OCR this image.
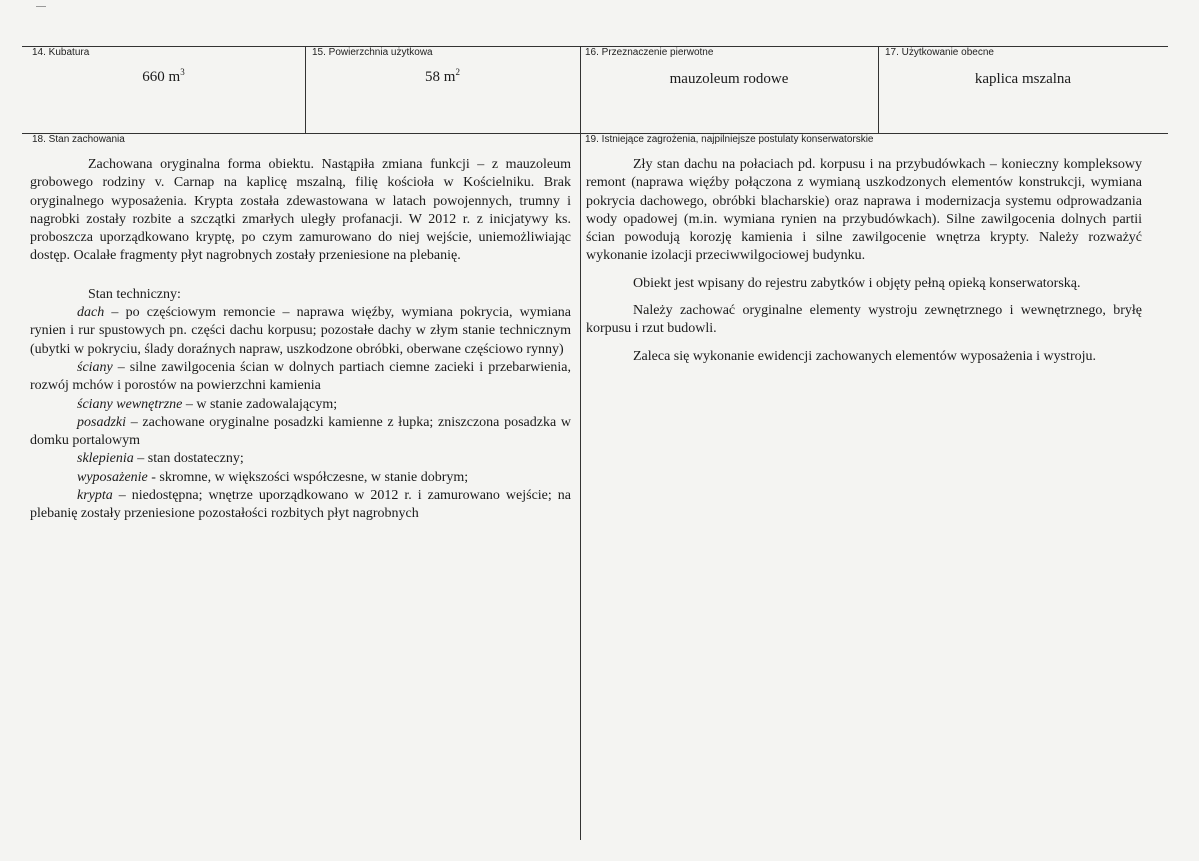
14. Kubatura
660 $m^3$
15. Powierzchnia użytkowa
58 $m^2$
16. Przeznaczenie pierwotne
mauzoleum rodowe
17. Użytkowanie obecne
kaplica mszalna
18. Stan zachowania

Zachowana oryginalna forma obiektu. Nastąpiła zmiana funkcji – z mauzoleum grobowego rodziny v. Carnap na kaplicę mszalną, filię kościoła w Kościelniku. Brak oryginalnego wyposażenia. Krypta została zdewastowana w latach powojennych, trumny i nagrobki zostały rozbite a szczątki zmarłych uległy profanacji. W 2012 r. z inicjatywy ks. proboszcza uporządkowano kryptę, po czym zamurowano do niej wejście, uniemożliwiając dostęp. Ocalałe fragmenty płyt nagrobnych zostały przeniesione na plebanię.

Stan techniczny:

dach – po częściowym remoncie – naprawa więźby, wymiana pokrycia, wymiana rynien i rur spustowych pn. części dachu korpusu; pozostałe dachy w złym stanie technicznym (ubytki w pokryciu, ślady doraźnych napraw, uszkodzone obróbki, oberwane częściowo rynny)

ściany – silne zawilgocenia ścian w dolnych partiach ciemne zacieki i przebarwienia, rozwój mchów i porostów na powierzchni kamienia

ściany wewnętrzne – w stanie zadowalającym;

posadzki – zachowane oryginalne posadzki kamienne z łupka; zniszczona posadzka w domku portalowym

sklepienia – stan dostateczny;

wyposażenie - skromne, w większości współczesne, w stanie dobrym;

krypta – niedostępna; wnętrze uporządkowano w 2012 r. i zamurowano wejście; na plebanię zostały przeniesione pozostałości rozbitych płyt nagrobnych

19. Istniejące zagrożenia, najpilniejsze postulaty konserwatorskie

Zły stan dachu na połaciach pd. korpusu i na przybudówkach – konieczny kompleksowy remont (naprawa więźby połączona z wymianą uszkodzonych elementów konstrukcji, wymiana pokrycia dachowego, obróbki blacharskie) oraz naprawa i modernizacja systemu odprowadzania wody opadowej (m.in. wymiana rynien na przybudówkach). Silne zawilgocenia dolnych partii ścian powodują korozję kamienia i silne zawilgocenie wnętrza krypty. Należy rozważyć wykonanie izolacji przeciwwilgociowej budynku.

Obiekt jest wpisany do rejestru zabytków i objęty pełną opieką konserwatorską.

Należy zachować oryginalne elementy wystroju zewnętrznego i wewnętrznego, bryłę korpusu i rzut budowli.

Zaleca się wykonanie ewidencji zachowanych elementów wyposażenia i wystroju.
